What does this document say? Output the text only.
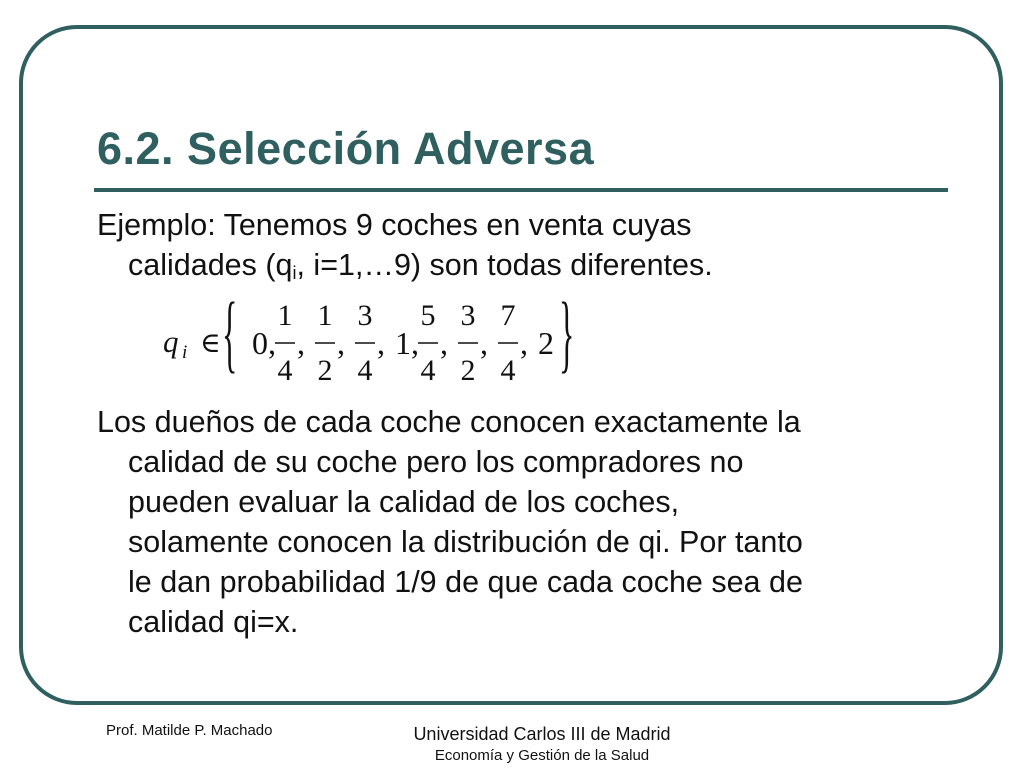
6.2. Selección Adversa
Ejemplo: Tenemos 9 coches en venta cuyas
calidades ($q_i$, i=1,…9) son todas diferentes.
q i ∈ { 0,
1
4
,
1
2
,
3
4
, 1,
5
4
,
3
2
,
7
4
, 2 }
Los dueños de cada coche conocen exactamente la
calidad de su coche pero los compradores no
pueden evaluar la calidad de los coches,
solamente conocen la distribución de qi. Por tanto
le dan probabilidad 1/9 de que cada coche sea de
calidad qi=x.
Prof. Matilde P. Machado	Universidad Carlos III de Madrid
Economía y Gestión de la Salud
